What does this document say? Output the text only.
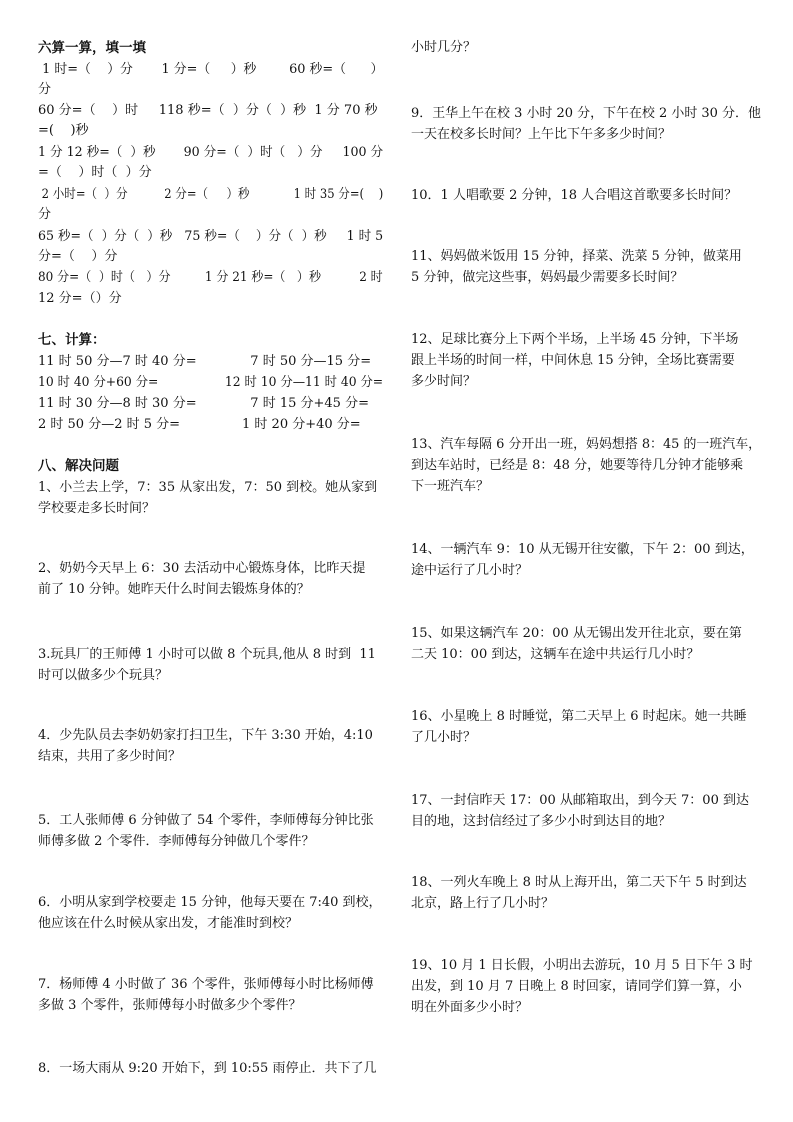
六算一算，填一填
1 时=（    ）分       1 分=（     ）秒        60 秒=（      ）
分
60 分=（    ）时     118 秒=（  ）分（  ）秒  1 分 70 秒
=(    )秒
1 分 12 秒=（  ）秒       90 分=（  ）时（   ）分     100 分
=（    ）时（  ）分
2 小时=（  ）分          2 分=（     ）秒            1 时 35 分=(    )
分
65 秒=（  ）分（  ）秒   75 秒=（    ）分（  ）秒     1 时 5
分=（    ）分
80 分=（  ）时（   ）分         1 分 21 秒=（   ）秒          2 时
12 分=（）分
七、计算：
11 时 50 分—7 时 40 分=             7 时 50 分—15 分=
10 时 40 分+60 分=                 12 时 10 分—11 时 40 分=
11 时 30 分—8 时 30 分=             7 时 15 分+45 分=
2 时 50 分—2 时 5 分=               1 时 20 分+40 分=
八、解决问题
1、小兰去上学，7：35 从家出发，7：50 到校。她从家到
学校要走多长时间？
2、奶奶今天早上 6：30 去活动中心锻炼身体，比昨天提
前了 10 分钟。她昨天什么时间去锻炼身体的？
3.玩具厂的王师傅 1 小时可以做 8 个玩具,他从 8 时到  11
时可以做多少个玩具？
4．少先队员去李奶奶家打扫卫生，下午 3:30 开始，4:10
结束，共用了多少时间？
5．工人张师傅 6 分钟做了 54 个零件，李师傅每分钟比张
师傅多做 2 个零件．李师傅每分钟做几个零件？
6．小明从家到学校要走 15 分钟，他每天要在 7:40 到校，
他应该在什么时候从家出发，才能准时到校？
7．杨师傅 4 小时做了 36 个零件，张师傅每小时比杨师傅
多做 3 个零件，张师傅每小时做多少个零件？
8．一场大雨从 9:20 开始下，到 10:55 雨停止．共下了几
小时几分？
9．王华上午在校 3 小时 20 分，下午在校 2 小时 30 分．他
一天在校多长时间？上午比下午多多少时间？
10．1 人唱歌要 2 分钟，18 人合唱这首歌要多长时间？
11、妈妈做米饭用 15 分钟，择菜、洗菜 5 分钟，做菜用
5 分钟，做完这些事，妈妈最少需要多长时间？
12、足球比赛分上下两个半场，上半场 45 分钟，下半场
跟上半场的时间一样，中间休息 15 分钟，全场比赛需要
多少时间？
13、汽车每隔 6 分开出一班，妈妈想搭 8：45 的一班汽车，
到达车站时，已经是 8：48 分，她要等待几分钟才能够乘
下一班汽车？
14、一辆汽车 9：10 从无锡开往安徽，下午 2：00 到达，
途中运行了几小时？
15、如果这辆汽车 20：00 从无锡出发开往北京，要在第
二天 10：00 到达，这辆车在途中共运行几小时？
16、小星晚上 8 时睡觉，第二天早上 6 时起床。她一共睡
了几小时？
17、一封信昨天 17：00 从邮箱取出，到今天 7：00 到达
目的地，这封信经过了多少小时到达目的地？
18、一列火车晚上 8 时从上海开出，第二天下午 5 时到达
北京，路上行了几小时？
19、10 月 1 日长假，小明出去游玩，10 月 5 日下午 3 时
出发，到 10 月 7 日晚上 8 时回家，请同学们算一算，小
明在外面多少小时？
